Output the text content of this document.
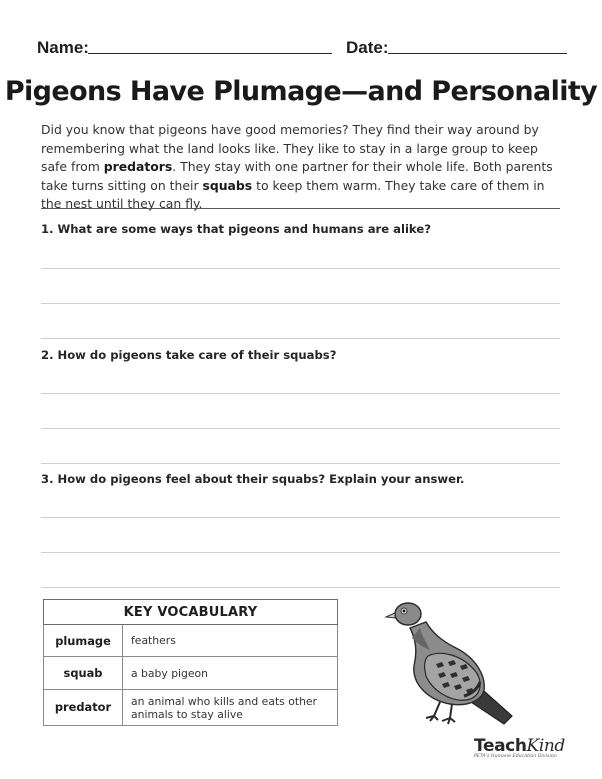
Name:	Date:
Pigeons Have Plumage—and Personality
Did you know that pigeons have good memories? They find their way around by remembering what the land looks like. They like to stay in a large group to keep safe from predators. They stay with one partner for their whole life. Both parents take turns sitting on their squabs to keep them warm. They take care of them in the nest until they can fly.
1. What are some ways that pigeons and humans are alike?
2. How do pigeons take care of their squabs?
3. How do pigeons feel about their squabs? Explain your answer.
KEY VOCABULARY	
plumage	feathers
squab	a baby pigeon
predator	an animal who kills and eats other animals to stay alive
TeachKind
PETA's Humane Education Division
